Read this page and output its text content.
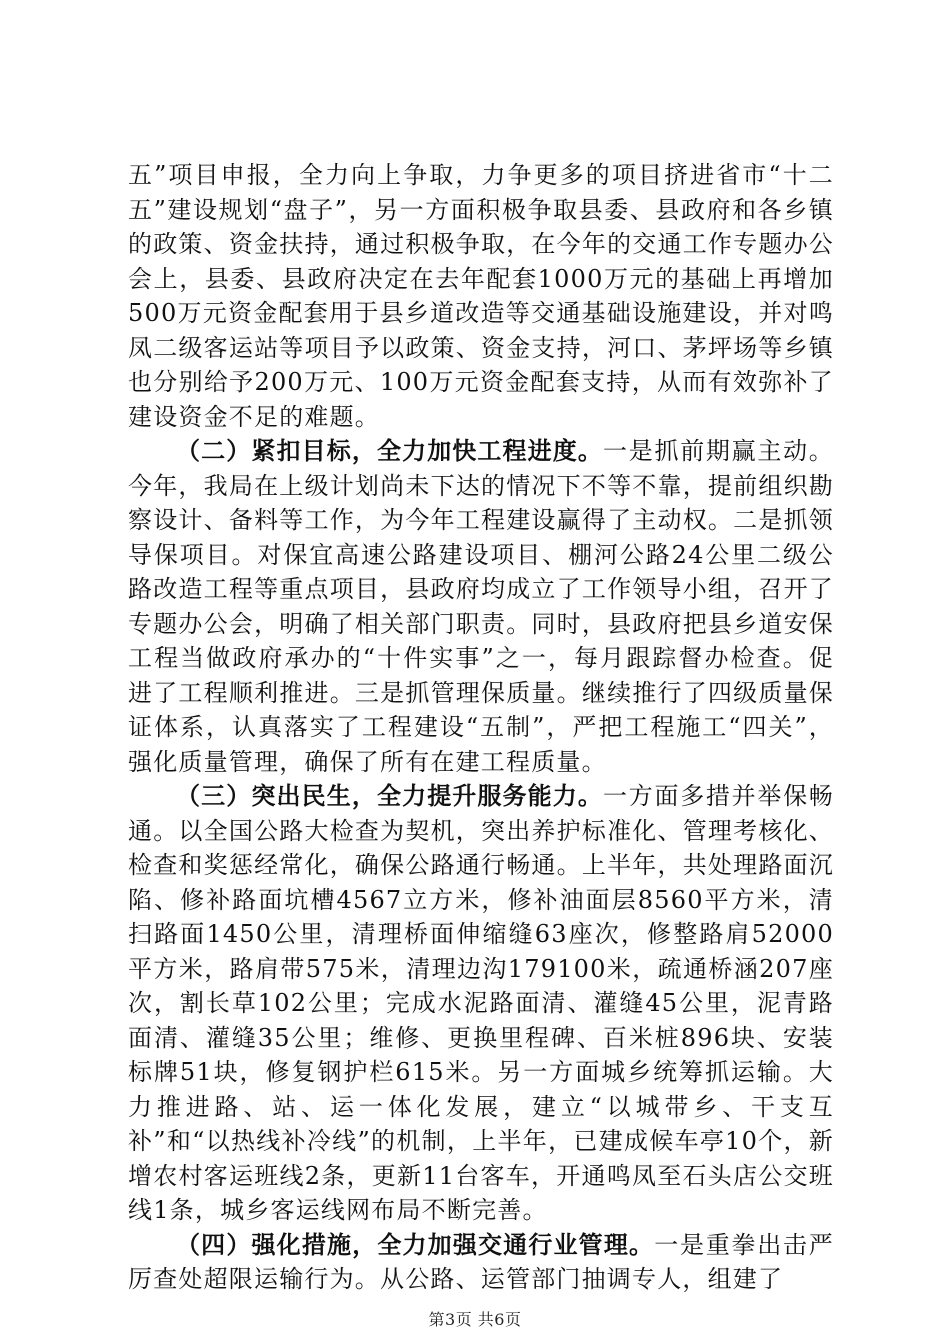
五”项目申报，全力向上争取，力争更多的项目挤进省市“十二五”建设规划“盘子”，另一方面积极争取县委、县政府和各乡镇的政策、资金扶持，通过积极争取，在今年的交通工作专题办公会上，县委、县政府决定在去年配套1000万元的基础上再增加500万元资金配套用于县乡道改造等交通基础设施建设，并对鸣凤二级客运站等项目予以政策、资金支持，河口、茅坪场等乡镇也分别给予200万元、100万元资金配套支持，从而有效弥补了建设资金不足的难题。

（二）紧扣目标，全力加快工程进度。一是抓前期赢主动。今年，我局在上级计划尚未下达的情况下不等不靠，提前组织勘察设计、备料等工作，为今年工程建设赢得了主动权。二是抓领导保项目。对保宜高速公路建设项目、棚河公路24公里二级公路改造工程等重点项目，县政府均成立了工作领导小组，召开了专题办公会，明确了相关部门职责。同时，县政府把县乡道安保工程当做政府承办的“十件实事”之一，每月跟踪督办检查。促进了工程顺利推进。三是抓管理保质量。继续推行了四级质量保证体系，认真落实了工程建设“五制”，严把工程施工“四关”，强化质量管理，确保了所有在建工程质量。

（三）突出民生，全力提升服务能力。一方面多措并举保畅通。以全国公路大检查为契机，突出养护标准化、管理考核化、检查和奖惩经常化，确保公路通行畅通。上半年，共处理路面沉陷、修补路面坑槽4567立方米，修补油面层8560平方米，清扫路面1450公里，清理桥面伸缩缝63座次，修整路肩52000平方米，路肩带575米，清理边沟179100米，疏通桥涵207座次，割长草102公里；完成水泥路面清、灌缝45公里，泥青路面清、灌缝35公里；维修、更换里程碑、百米桩896块、安装标牌51块，修复钢护栏615米。另一方面城乡统筹抓运输。大力推进路、站、运一体化发展，建立“以城带乡、干支互补”和“以热线补冷线”的机制，上半年，已建成候车亭10个，新增农村客运班线2条，更新11台客车，开通鸣凤至石头店公交班线1条，城乡客运线网布局不断完善。

（四）强化措施，全力加强交通行业管理。一是重拳出击严厉查处超限运输行为。从公路、运管部门抽调专人，组建了

第3页 共6页
